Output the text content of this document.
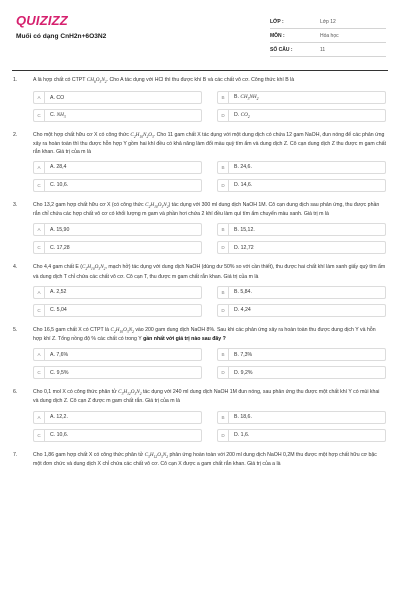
QUIZIZZ
Muối có dạng CnH2n+6O3N2
LỚP :	Lớp 12
MÔN :	Hóa học
SỐ CÂU :	11
1.	A là hợp chất có CTPT $CH_6O_3N_2$. Cho A tác dụng với HCl thì thu được khí B và các chất vô cơ. Công thức khí B là
A	A. CO	B	B. $CH_3NH_2$
C	C. $NH_3$	D	D. $CO_2$
2.	Cho một hợp chất hữu cơ X có công thức $C_2H_{10}N_2O_3$. Cho 11 gam chất X tác dụng với một dung dịch có chứa 12 gam NaOH, đun nóng để các phản ứng xảy ra hoàn toàn thì thu được hỗn hợp Y gồm hai khí đều có khả năng làm đổi màu quỳ tím ẩm và dung dịch Z. Cô cạn dung dịch Z thu được m gam chất rắn khan. Giá trị của m là
A	A. 28,4	B	B. 24,6.
C	C. 10,6.	D	D. 14,6.
3.	Cho 13,2 gam hợp chất hữu cơ X (có công thức $C_2H_{10}O_3N_2$) tác dụng với 300 ml dung dịch NaOH 1M. Cô cạn dung dịch sau phản ứng, thu được phần rắn chỉ chứa các hợp chất vô cơ có khối lượng m gam và phần hơi chứa 2 khí đều làm quì tím ẩm chuyển màu xanh. Giá trị m là
A	A. 15,90	B	B. 15,12.
C	C. 17,28	D	D. 12,72
4.	Cho 4,4 gam chất E ($C_2H_{10}O_3N_2$, mạch hở) tác dụng với dung dịch NaOH (dùng dư 50% so với cần thiết), thu được hai chất khí làm xanh giấy quỳ tím ẩm và dung dịch T chỉ chứa các chất vô cơ. Cô cạn T, thu được m gam chất rắn khan. Giá trị của m là
A	A. 2,52	B	B. 5,84.
C	C. 5,04	D	D. 4,24
5.	Cho 16,5 gam chất X có CTPT là $C_2H_{10}O_3N_2$ vào 200 gam dung dịch NaOH 8%. Sau khi các phản ứng xảy ra hoàn toàn thu được dung dịch Y và hỗn hợp khí Z. Tổng nồng độ % các chất có trong Y gần nhất với giá trị nào sau đây ?
A	A. 7,6%	B	B. 7,3%
C	C. 9,5%	D	D. 9,2%
6.	Cho 0,1 mol X có công thức phân tử $C_3H_{12}O_3N_2$ tác dụng với 240 ml dung dịch NaOH 1M đun nóng, sau phản ứng thu được một chất khí Y có mùi khai và dung dịch Z. Cô cạn Z được m gam chất rắn. Giá trị của m là
A	A. 12,2.	B	B. 18,6.
C	C. 10,6.	D	D. 1,6.
7.	Cho 1,86 gam hợp chất X có công thức phân tử $C_3H_{12}O_3N_2$ phản ứng hoàn toàn với 200 ml dung dịch NaOH 0,2M thu được một hợp chất hữu cơ bậc một đơn chức và dung dịch X chỉ chứa các chất vô cơ. Cô cạn X được a gam chất rắn khan. Giá trị của a là
